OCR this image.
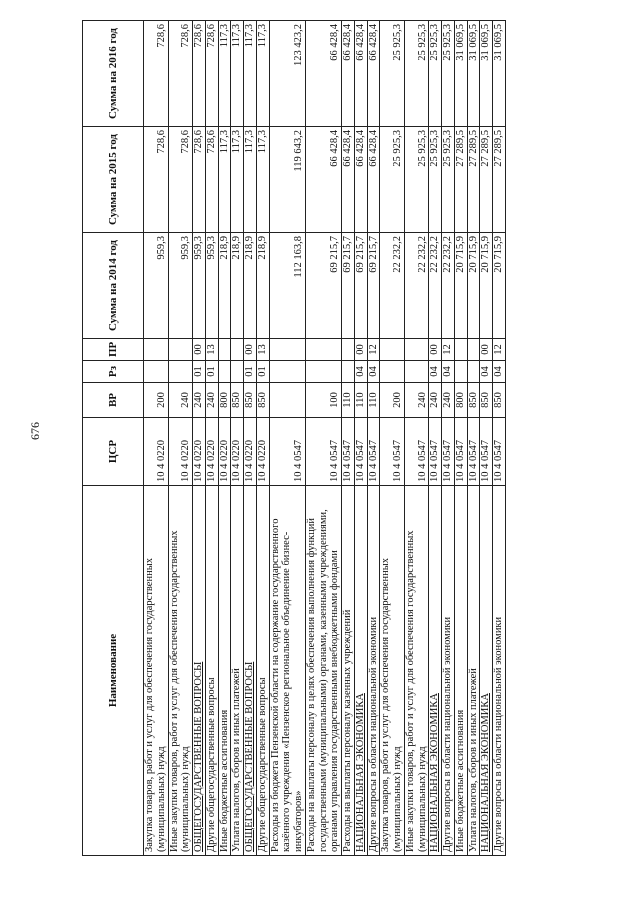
676
Наименование	ЦСР	ВР	Рз	ПР	Сумма на 2014 год	Сумма на 2015 год	Сумма на 2016 год
Закупка товаров, работ и услуг для обеспечения государственных (муниципальных) нужд	10 4 0220	200			959,3	728,6	728,6
Иные закупки товаров, работ и услуг для обеспечения государственных (муниципальных) нужд	10 4 0220	240			959,3	728,6	728,6
ОБЩЕГОСУДАРСТВЕННЫЕ ВОПРОСЫ	10 4 0220	240	01	00	959,3	728,6	728,6
Другие общегосударственные вопросы	10 4 0220	240	01	13	959,3	728,6	728,6
Иные бюджетные ассигнования	10 4 0220	800			218,9	117,3	117,3
Уплата налогов, сборов и иных платежей	10 4 0220	850			218,9	117,3	117,3
ОБЩЕГОСУДАРСТВЕННЫЕ ВОПРОСЫ	10 4 0220	850	01	00	218,9	117,3	117,3
Другие общегосударственные вопросы	10 4 0220	850	01	13	218,9	117,3	117,3
Расходы из бюджета Пензенской области на содержание государственного казённого учреждения «Пензенское региональное объединение бизнес-инкубаторов»	10 4 0547				112 163,8	119 643,2	123 423,2
Расходы на выплаты персоналу в целях обеспечения выполнения функций государственными (муниципальными) органами, казенными учреждениями, органами управления государственными внебюджетными фондами	10 4 0547	100			69 215,7	66 428,4	66 428,4
Расходы на выплаты персоналу казенных учреждений	10 4 0547	110			69 215,7	66 428,4	66 428,4
НАЦИОНАЛЬНАЯ ЭКОНОМИКА	10 4 0547	110	04	00	69 215,7	66 428,4	66 428,4
Другие вопросы в области национальной экономики	10 4 0547	110	04	12	69 215,7	66 428,4	66 428,4
Закупка товаров, работ и услуг для обеспечения государственных (муниципальных) нужд	10 4 0547	200			22 232,2	25 925,3	25 925,3
Иные закупки товаров, работ и услуг для обеспечения государственных (муниципальных) нужд	10 4 0547	240			22 232,2	25 925,3	25 925,3
НАЦИОНАЛЬНАЯ ЭКОНОМИКА	10 4 0547	240	04	00	22 232,2	25 925,3	25 925,3
Другие вопросы в области национальной экономики	10 4 0547	240	04	12	22 232,2	25 925,3	25 925,3
Иные бюджетные ассигнования	10 4 0547	800			20 715,9	27 289,5	31 069,5
Уплата налогов, сборов и иных платежей	10 4 0547	850			20 715,9	27 289,5	31 069,5
НАЦИОНАЛЬНАЯ ЭКОНОМИКА	10 4 0547	850	04	00	20 715,9	27 289,5	31 069,5
Другие вопросы в области национальной экономики	10 4 0547	850	04	12	20 715,9	27 289,5	31 069,5
